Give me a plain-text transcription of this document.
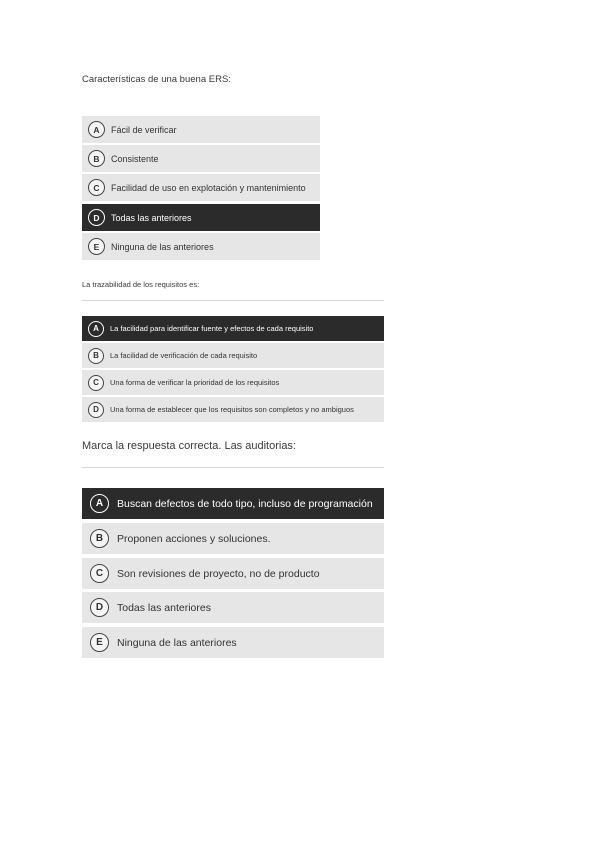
Características de una buena ERS:

A	Fácil de verificar
B	Consistente
C	Facilidad de uso en explotación y mantenimiento
D	Todas las anteriores
E	Ninguna de las anteriores

La trazabilidad de los requisitos es:

A	La facilidad para identificar fuente y efectos de cada requisito
B	La facilidad de verificación de cada requisito
C	Una forma de verificar la prioridad de los requisitos
D	Una forma de establecer que los requisitos son completos y no ambiguos

Marca la respuesta correcta. Las auditorias:

A	Buscan defectos de todo tipo, incluso de programación
B	Proponen acciones y soluciones.
C	Son revisiones de proyecto, no de producto
D	Todas las anteriores
E	Ninguna de las anteriores
